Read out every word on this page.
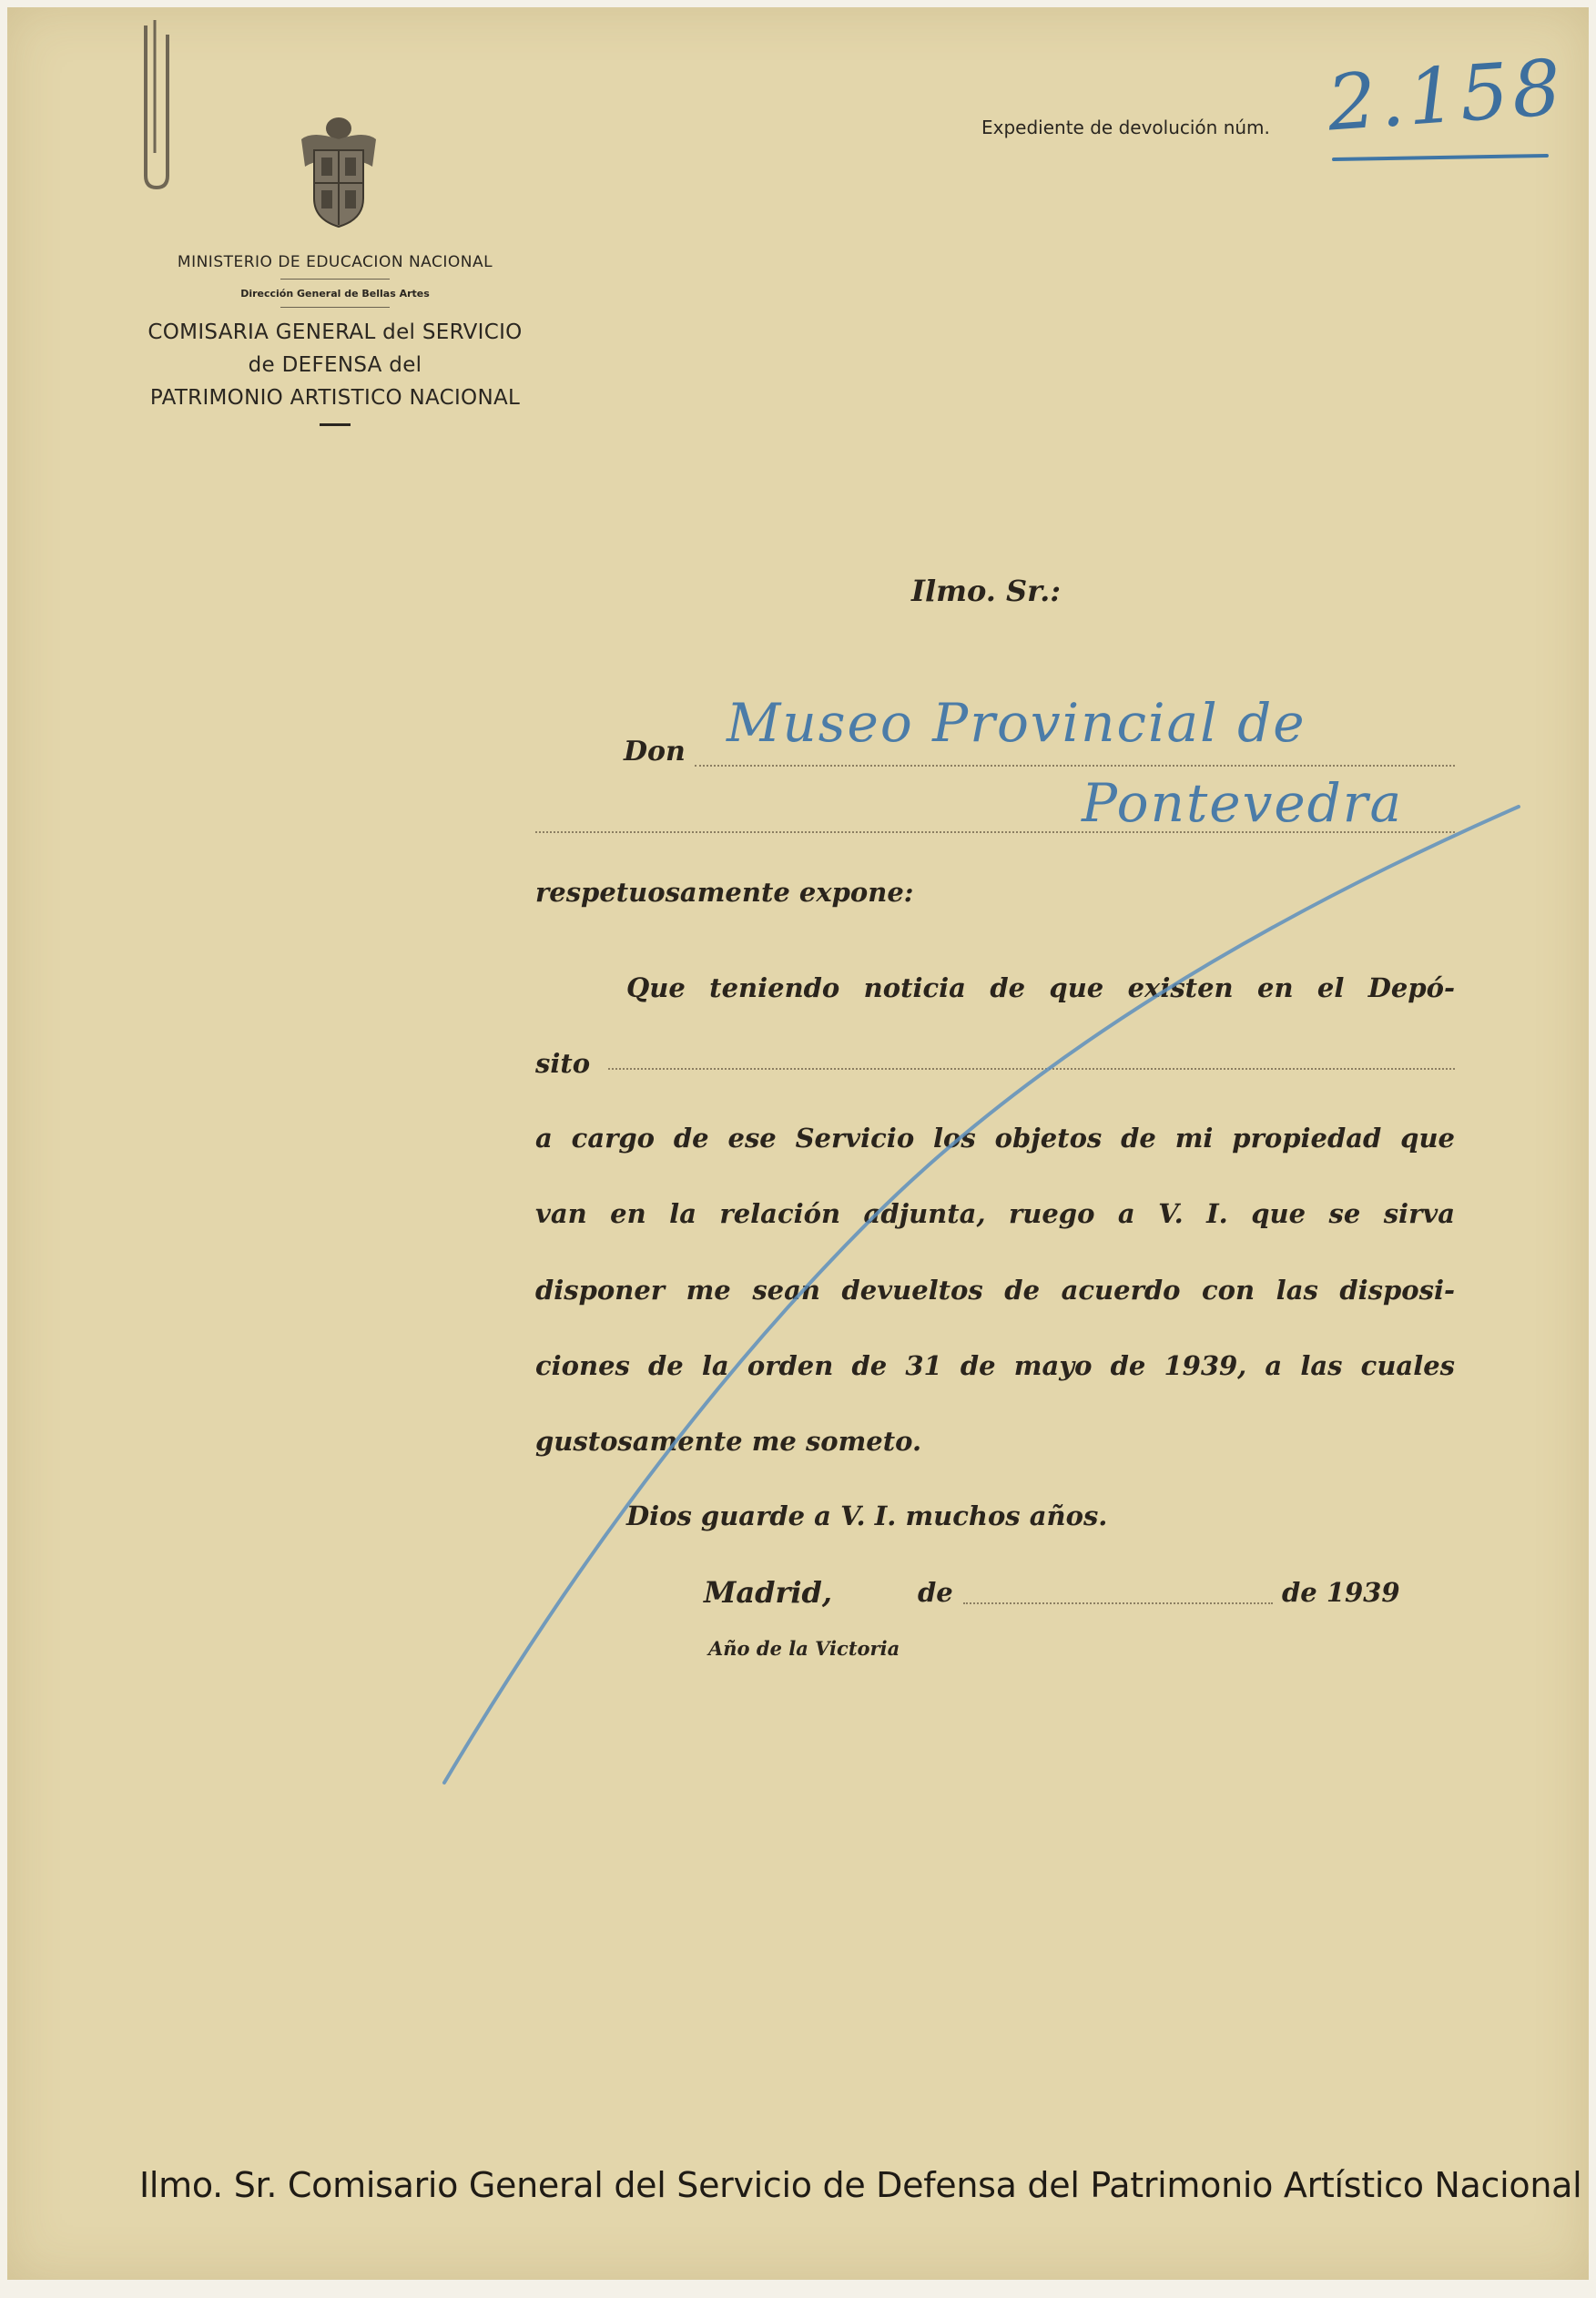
MINISTERIO DE EDUCACION NACIONAL

Dirección General de Bellas Artes

COMISARIA GENERAL del SERVICIO

de DEFENSA del

PATRIMONIO ARTISTICO NACIONAL

Expediente de devolución núm. 2.158
Ilmo. Sr.:
Don Museo Provincial de
Pontevedra
respetuosamente expone:
Que teniendo noticia de que existen en el Depó-
sito
a cargo de ese Servicio los objetos de mi propiedad que
van en la relación adjunta, ruego a V. I. que se sirva
disponer me sean devueltos de acuerdo con las disposi-
ciones de la orden de 31 de mayo de 1939, a las cuales
gustosamente me someto.
Dios guarde a V. I. muchos años.
Madrid,	de	de 1939
Año de la Victoria
Ilmo. Sr. Comisario General del Servicio de Defensa del Patrimonio Artístico Nacional
